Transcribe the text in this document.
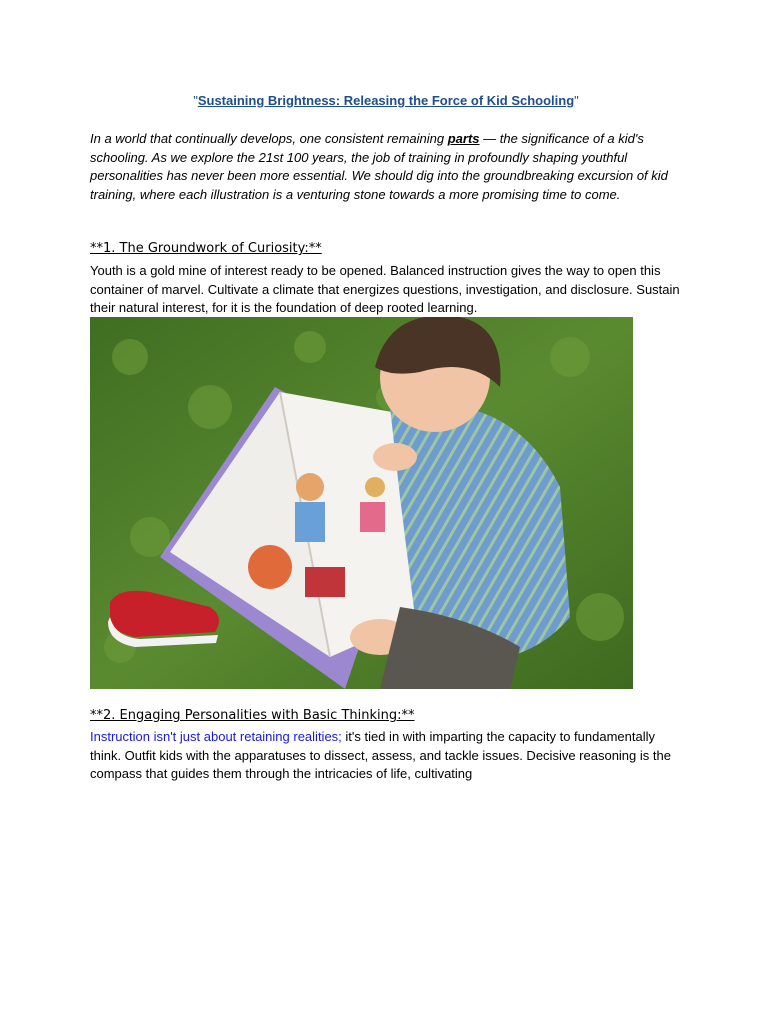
"Sustaining Brightness: Releasing the Force of Kid Schooling"
In a world that continually develops, one consistent remaining parts — the significance of a kid's schooling. As we explore the 21st 100 years, the job of training in profoundly shaping youthful personalities has never been more essential. We should dig into the groundbreaking excursion of kid training, where each illustration is a venturing stone towards a more promising time to come.
**1. The Groundwork of Curiosity:**
Youth is a gold mine of interest ready to be opened. Balanced instruction gives the way to open this container of marvel. Cultivate a climate that energizes questions, investigation, and disclosure. Sustain their natural interest, for it is the foundation of deep rooted learning.
**2. Engaging Personalities with Basic Thinking:**
Instruction isn't just about retaining realities; it's tied in with imparting the capacity to fundamentally think. Outfit kids with the apparatuses to dissect, assess, and tackle issues. Decisive reasoning is the compass that guides them through the intricacies of life, cultivating
